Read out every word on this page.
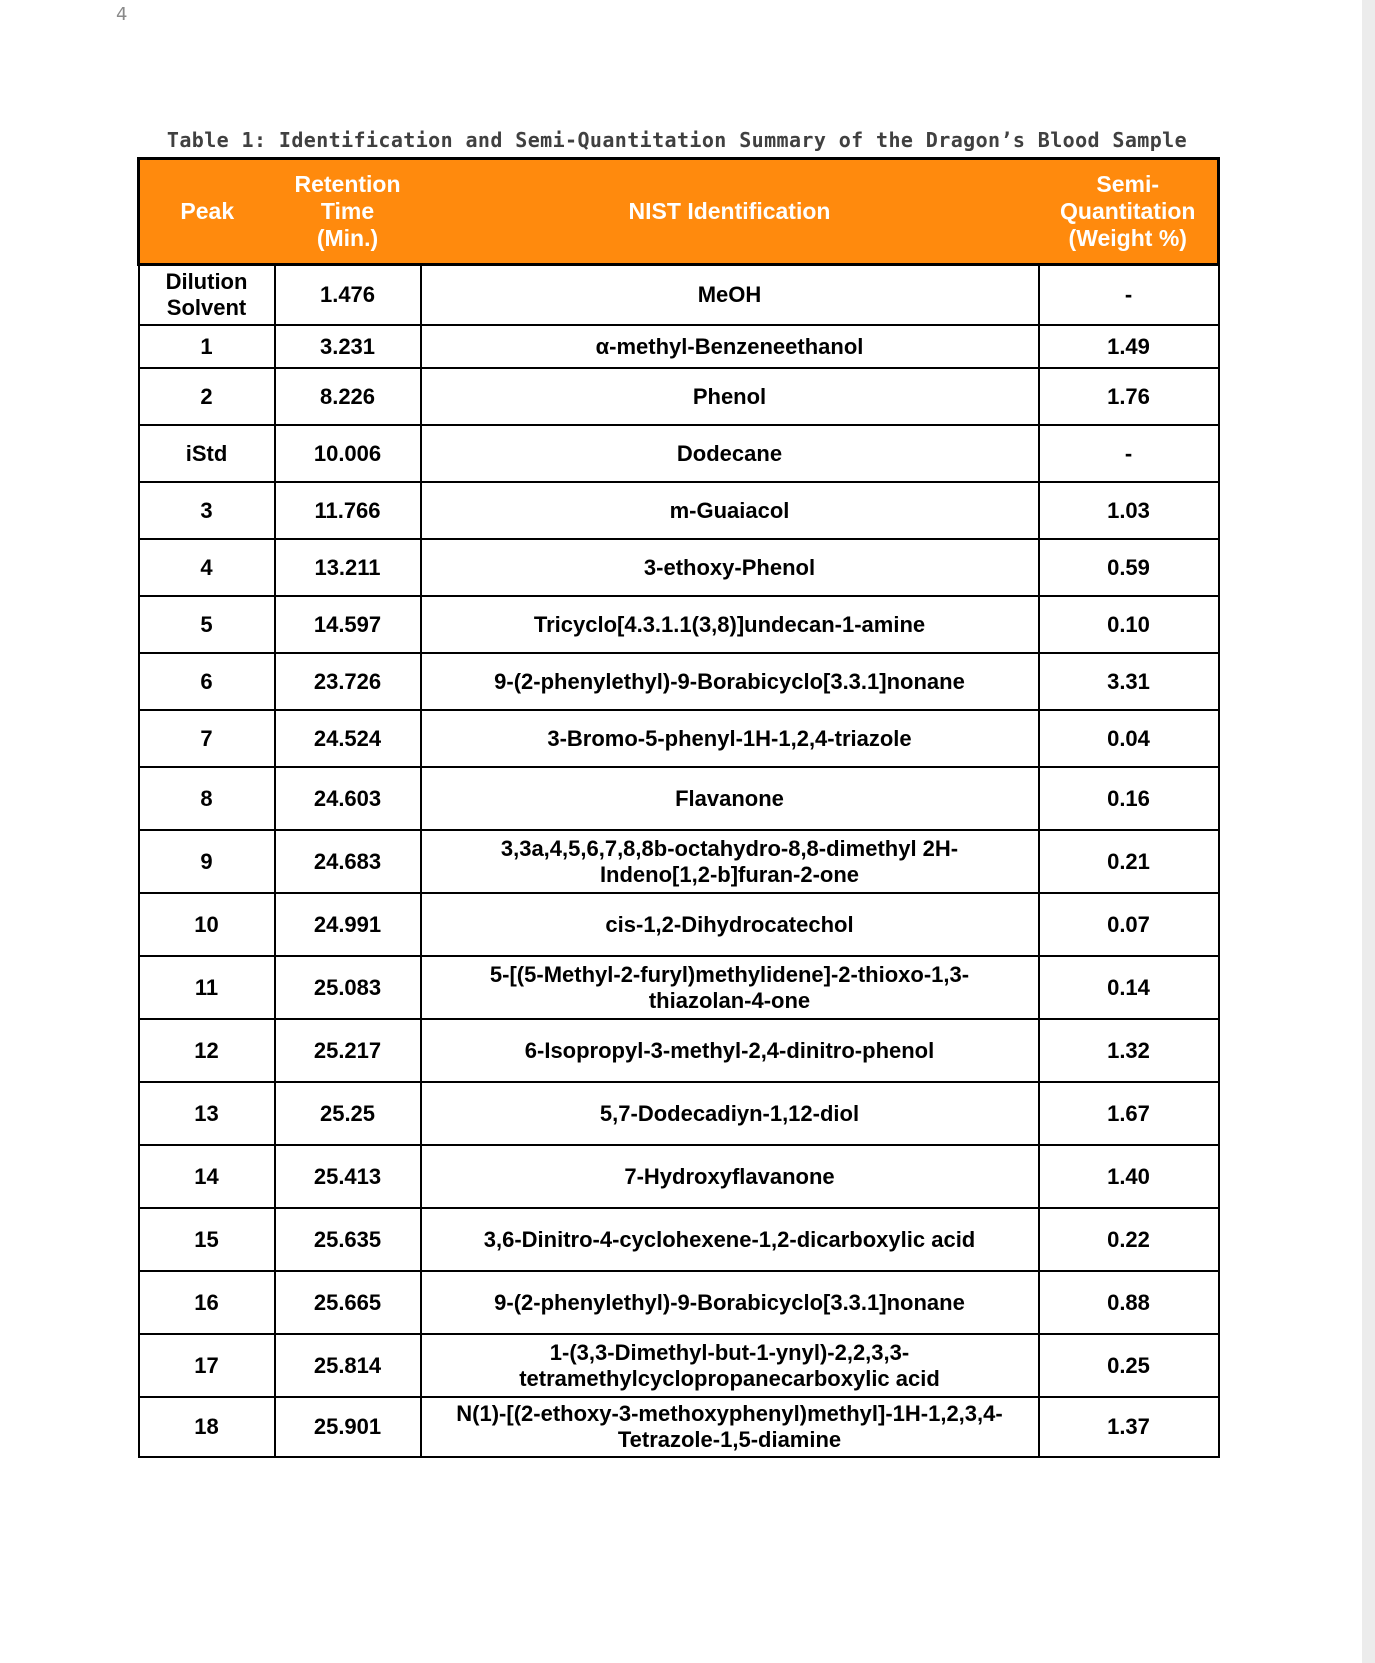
4
Table 1: Identification and Semi-Quantitation Summary of the Dragon’s Blood Sample
Peak	Retention
Time
(Min.)	NIST Identification	Semi-
Quantitation
(Weight %)
Dilution
Solvent	1.476	MeOH	-
1	3.231	α-methyl-Benzeneethanol	1.49
2	8.226	Phenol	1.76
iStd	10.006	Dodecane	-
3	11.766	m-Guaiacol	1.03
4	13.211	3-ethoxy-Phenol	0.59
5	14.597	Tricyclo[4.3.1.1(3,8)]undecan-1-amine	0.10
6	23.726	9-(2-phenylethyl)-9-Borabicyclo[3.3.1]nonane	3.31
7	24.524	3-Bromo-5-phenyl-1H-1,2,4-triazole	0.04
8	24.603	Flavanone	0.16
9	24.683	3,3a,4,5,6,7,8,8b-octahydro-8,8-dimethyl 2H-
Indeno[1,2-b]furan-2-one	0.21
10	24.991	cis-1,2-Dihydrocatechol	0.07
11	25.083	5-[(5-Methyl-2-furyl)methylidene]-2-thioxo-1,3-
thiazolan-4-one	0.14
12	25.217	6-Isopropyl-3-methyl-2,4-dinitro-phenol	1.32
13	25.25	5,7-Dodecadiyn-1,12-diol	1.67
14	25.413	7-Hydroxyflavanone	1.40
15	25.635	3,6-Dinitro-4-cyclohexene-1,2-dicarboxylic acid	0.22
16	25.665	9-(2-phenylethyl)-9-Borabicyclo[3.3.1]nonane	0.88
17	25.814	1-(3,3-Dimethyl-but-1-ynyl)-2,2,3,3-
tetramethylcyclopropanecarboxylic acid	0.25
18	25.901	N(1)-[(2-ethoxy-3-methoxyphenyl)methyl]-1H-1,2,3,4-
Tetrazole-1,5-diamine	1.37
